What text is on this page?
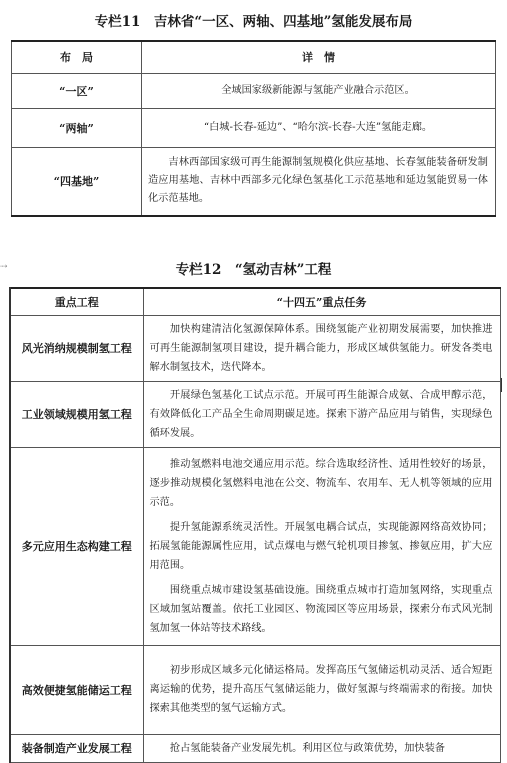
⇢
专栏11　吉林省“一区、两轴、四基地”氢能发展布局
布　局	详　情
“一区”	全域国家级新能源与氢能产业融合示范区。
“两轴”	“白城-长春-延边”、“哈尔滨-长春-大连”氢能走廊。
“四基地”	吉林西部国家级可再生能源制氢规模化供应基地、长春氢能装备研发制造应用基地、吉林中西部多元化绿色氢基化工示范基地和延边氢能贸易一体化示范基地。
专栏12　“氢动吉林”工程
重点工程	“十四五”重点任务
风光消纳规模制氢工程	加快构建清洁化氢源保障体系。围绕氢能产业初期发展需要，加快推进可再生能源制氢项目建设，提升耦合能力，形成区域供氢能力。研发各类电解水制氢技术，迭代降本。

工业领域规模用氢工程	开展绿色氢基化工试点示范。开展可再生能源合成氨、合成甲醇示范，有效降低化工产品全生命周期碳足迹。探索下游产品应用与销售，实现绿色循环发展。

多元应用生态构建工程	推动氢燃料电池交通应用示范。综合选取经济性、适用性较好的场景，逐步推动规模化氢燃料电池在公交、物流车、农用车、无人机等领域的应用示范。

提升氢能源系统灵活性。开展氢电耦合试点，实现能源网络高效协同；拓展氢能能源属性应用，试点煤电与燃气轮机项目掺氢、掺氨应用，扩大应用范围。

围绕重点城市建设氢基础设施。围绕重点城市打造加氢网络，实现重点区域加氢站覆盖。依托工业园区、物流园区等应用场景，探索分布式风光制氢加氢一体站等技术路线。

高效便捷氢能储运工程	初步形成区域多元化储运格局。发挥高压气氢储运机动灵活、适合短距离运输的优势，提升高压气氢储运能力，做好氢源与终端需求的衔接。加快探索其他类型的氢气运输方式。

装备制造产业发展工程	抢占氢能装备产业发展先机。利用区位与政策优势，加快装备
